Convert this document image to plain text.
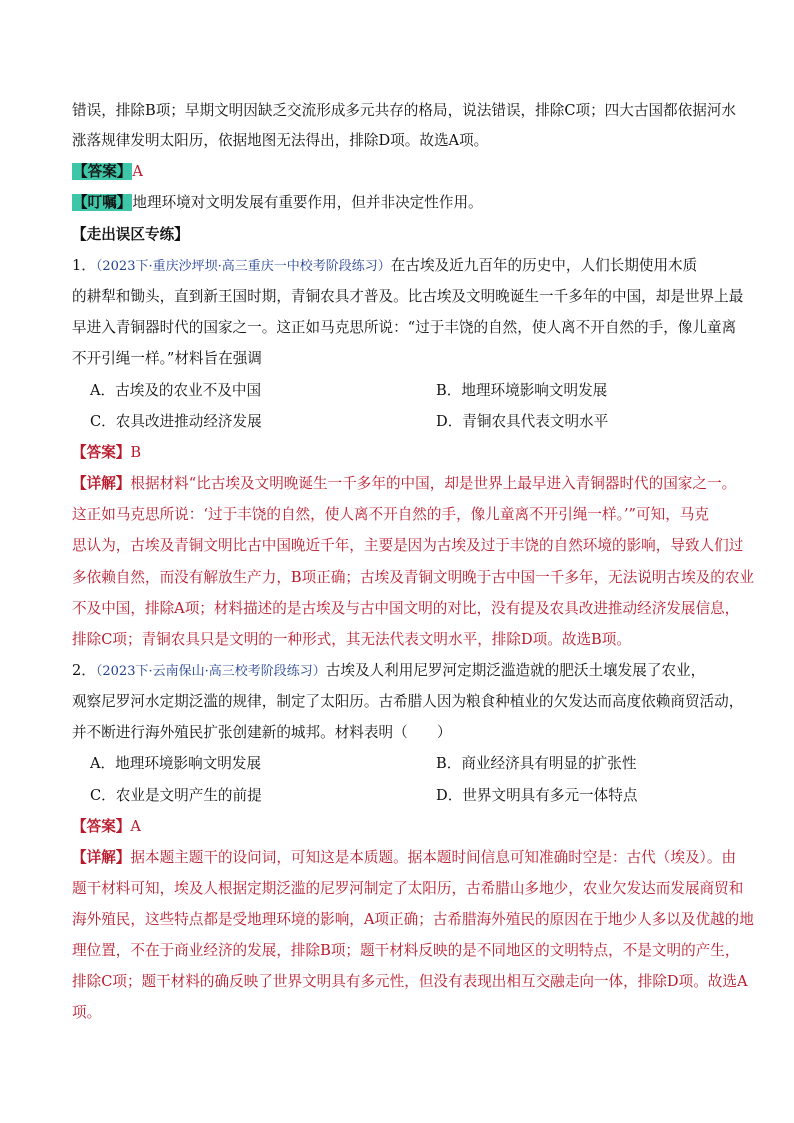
错误，排除B项；早期文明因缺乏交流形成多元共存的格局，说法错误，排除C项；四大古国都依据河水
涨落规律发明太阳历，依据地图无法得出，排除D项。故选A项。
【答案】A
【叮嘱】地理环境对文明发展有重要作用，但并非决定性作用。
【走出误区专练】
1．（2023下·重庆沙坪坝·高三重庆一中校考阶段练习）在古埃及近九百年的历史中，人们长期使用木质
的耕犁和锄头，直到新王国时期，青铜农具才普及。比古埃及文明晚诞生一千多年的中国，却是世界上最
早进入青铜器时代的国家之一。这正如马克思所说：“过于丰饶的自然，使人离不开自然的手，像儿童离
不开引绳一样。”材料旨在强调
A．古埃及的农业不及中国	B．地理环境影响文明发展
C．农具改进推动经济发展	D．青铜农具代表文明水平
【答案】B
【详解】根据材料“比古埃及文明晚诞生一千多年的中国，却是世界上最早进入青铜器时代的国家之一。
这正如马克思所说：‘过于丰饶的自然，使人离不开自然的手，像儿童离不开引绳一样。’”可知，马克
思认为，古埃及青铜文明比古中国晚近千年，主要是因为古埃及过于丰饶的自然环境的影响，导致人们过
多依赖自然，而没有解放生产力，B项正确；古埃及青铜文明晚于古中国一千多年，无法说明古埃及的农业
不及中国，排除A项；材料描述的是古埃及与古中国文明的对比，没有提及农具改进推动经济发展信息，
排除C项；青铜农具只是文明的一种形式，其无法代表文明水平，排除D项。故选B项。
2．（2023下·云南保山·高三校考阶段练习）古埃及人利用尼罗河定期泛滥造就的肥沃土壤发展了农业，
观察尼罗河水定期泛滥的规律，制定了太阳历。古希腊人因为粮食种植业的欠发达而高度依赖商贸活动，
并不断进行海外殖民扩张创建新的城邦。材料表明（　　）
A．地理环境影响文明发展	B．商业经济具有明显的扩张性
C．农业是文明产生的前提	D．世界文明具有多元一体特点
【答案】A
【详解】据本题主题干的设问词，可知这是本质题。据本题时间信息可知准确时空是：古代（埃及）。由
题干材料可知，埃及人根据定期泛滥的尼罗河制定了太阳历，古希腊山多地少，农业欠发达而发展商贸和
海外殖民，这些特点都是受地理环境的影响，A项正确；古希腊海外殖民的原因在于地少人多以及优越的地
理位置，不在于商业经济的发展，排除B项；题干材料反映的是不同地区的文明特点，不是文明的产生，
排除C项；题干材料的确反映了世界文明具有多元性，但没有表现出相互交融走向一体，排除D项。故选A
项。
